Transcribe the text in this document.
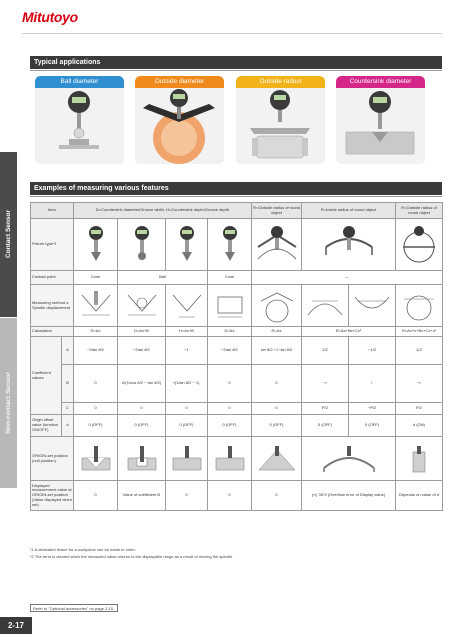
Mitutoyo
Contact Sensor
Non-contact Sensor
Typical applications
Ball diameter	Outside diameter	Outside radius	Countersink diameter
Examples of measuring various features
Item		D=Countersink diameter/Groove width, H=Countersink depth/Groove depth				R=Outside radius of round object	R=Inside radius of round object		R=Outside radius of round object
Fixture type*1	

Contact point		Cone	Ball		Cone	—			
Measuring method x: Spindle displacement	

Calculation		D=Ax	D=Ax+B	H=Ax+B	D=Ax	R=Ax	R=Ax+Bx+Cx²		R=Ax+x+Bx+Cx+x²
Coefficient values	A	−2tan θ/2	−2tan θ/2	−1	−2tan θ/2	sin θ/2 / 1−sin θ/2	1/2	−1/2	1/2
	B	0	2r(1/cos θ/2 − tan θ/2)	r(1/sin θ/2 − 1)	0	0	−r	r	−r
	C	0	0	0	0	0	ℓ²/2	−ℓ²/2	ℓ²/2
Origin offset value (function ON/OFF)	d	0 (OFF)	0 (OFF)	0 (OFF)	0 (OFF)	0 (OFF)	0 (OFF)	0 (OFF)	d (ON)
ORIGIN-set position (null position)	

Displayed measurement value at ORIGIN-set position (Value displayed when set)		0	Value of coefficient B	0	0	0	(∞) 30*2 (Overflow error of Display value)		Depends on value of d
*1 A dedicated fixture for a workpiece can be made to order.
*2 The error is cleared when the measured value returns to the displayable range as a result of moving the spindle.
Refer to "Optional accessories" on page 2-15.
2-17
